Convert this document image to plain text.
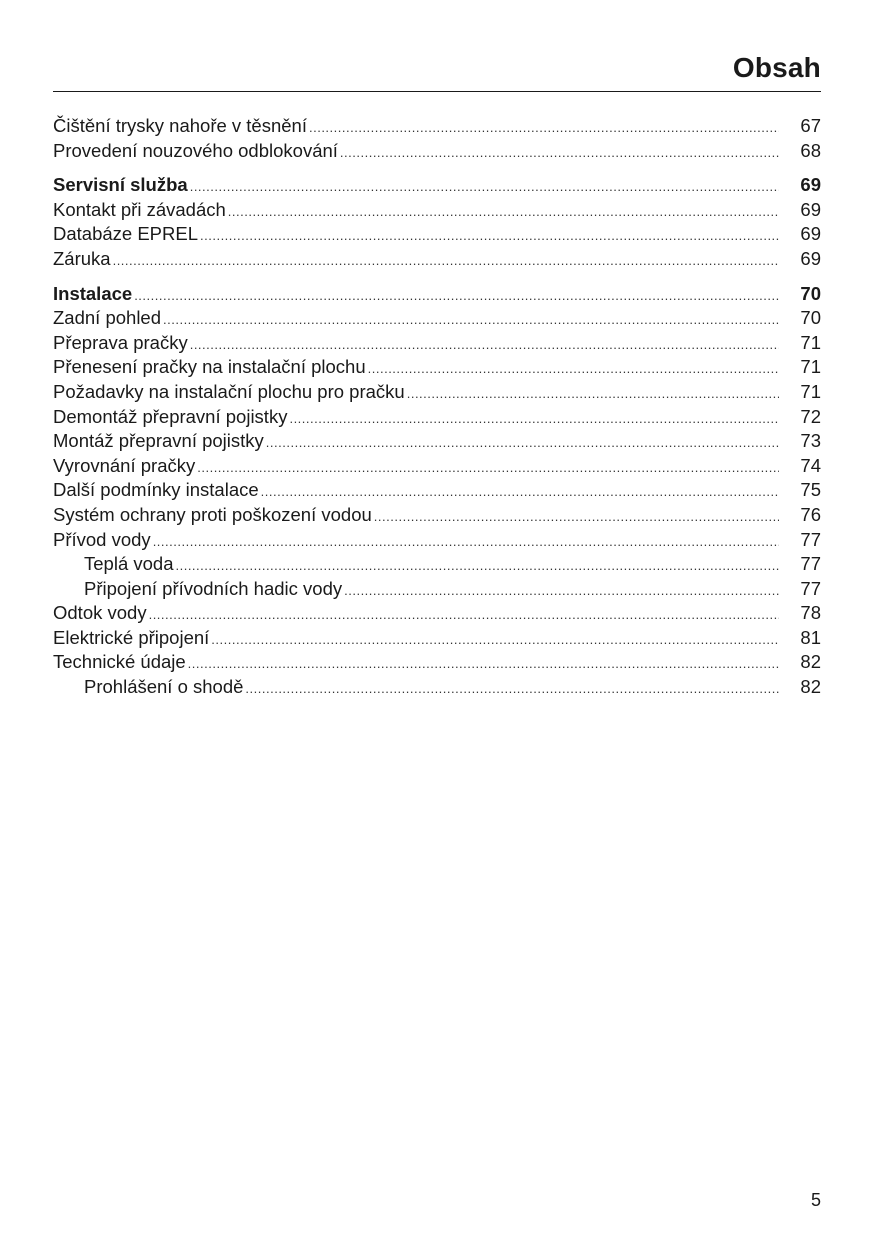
Obsah
Čištění trysky nahoře v těsnění .....	67
Provedení nouzového odblokování .....	68
Servisní služba .....	69
Kontakt při závadách .....	69
Databáze EPREL .....	69
Záruka .....	69
Instalace .....	70
Zadní pohled .....	70
Přeprava pračky .....	71
Přenesení pračky na instalační plochu .....	71
Požadavky na instalační plochu pro pračku .....	71
Demontáž přepravní pojistky .....	72
Montáž přepravní pojistky .....	73
Vyrovnání pračky .....	74
Další podmínky instalace .....	75
Systém ochrany proti poškození vodou .....	76
Přívod vody .....	77
Teplá voda .....	77
Připojení přívodních hadic vody .....	77
Odtok vody .....	78
Elektrické připojení .....	81
Technické údaje .....	82
Prohlášení o shodě .....	82
5
